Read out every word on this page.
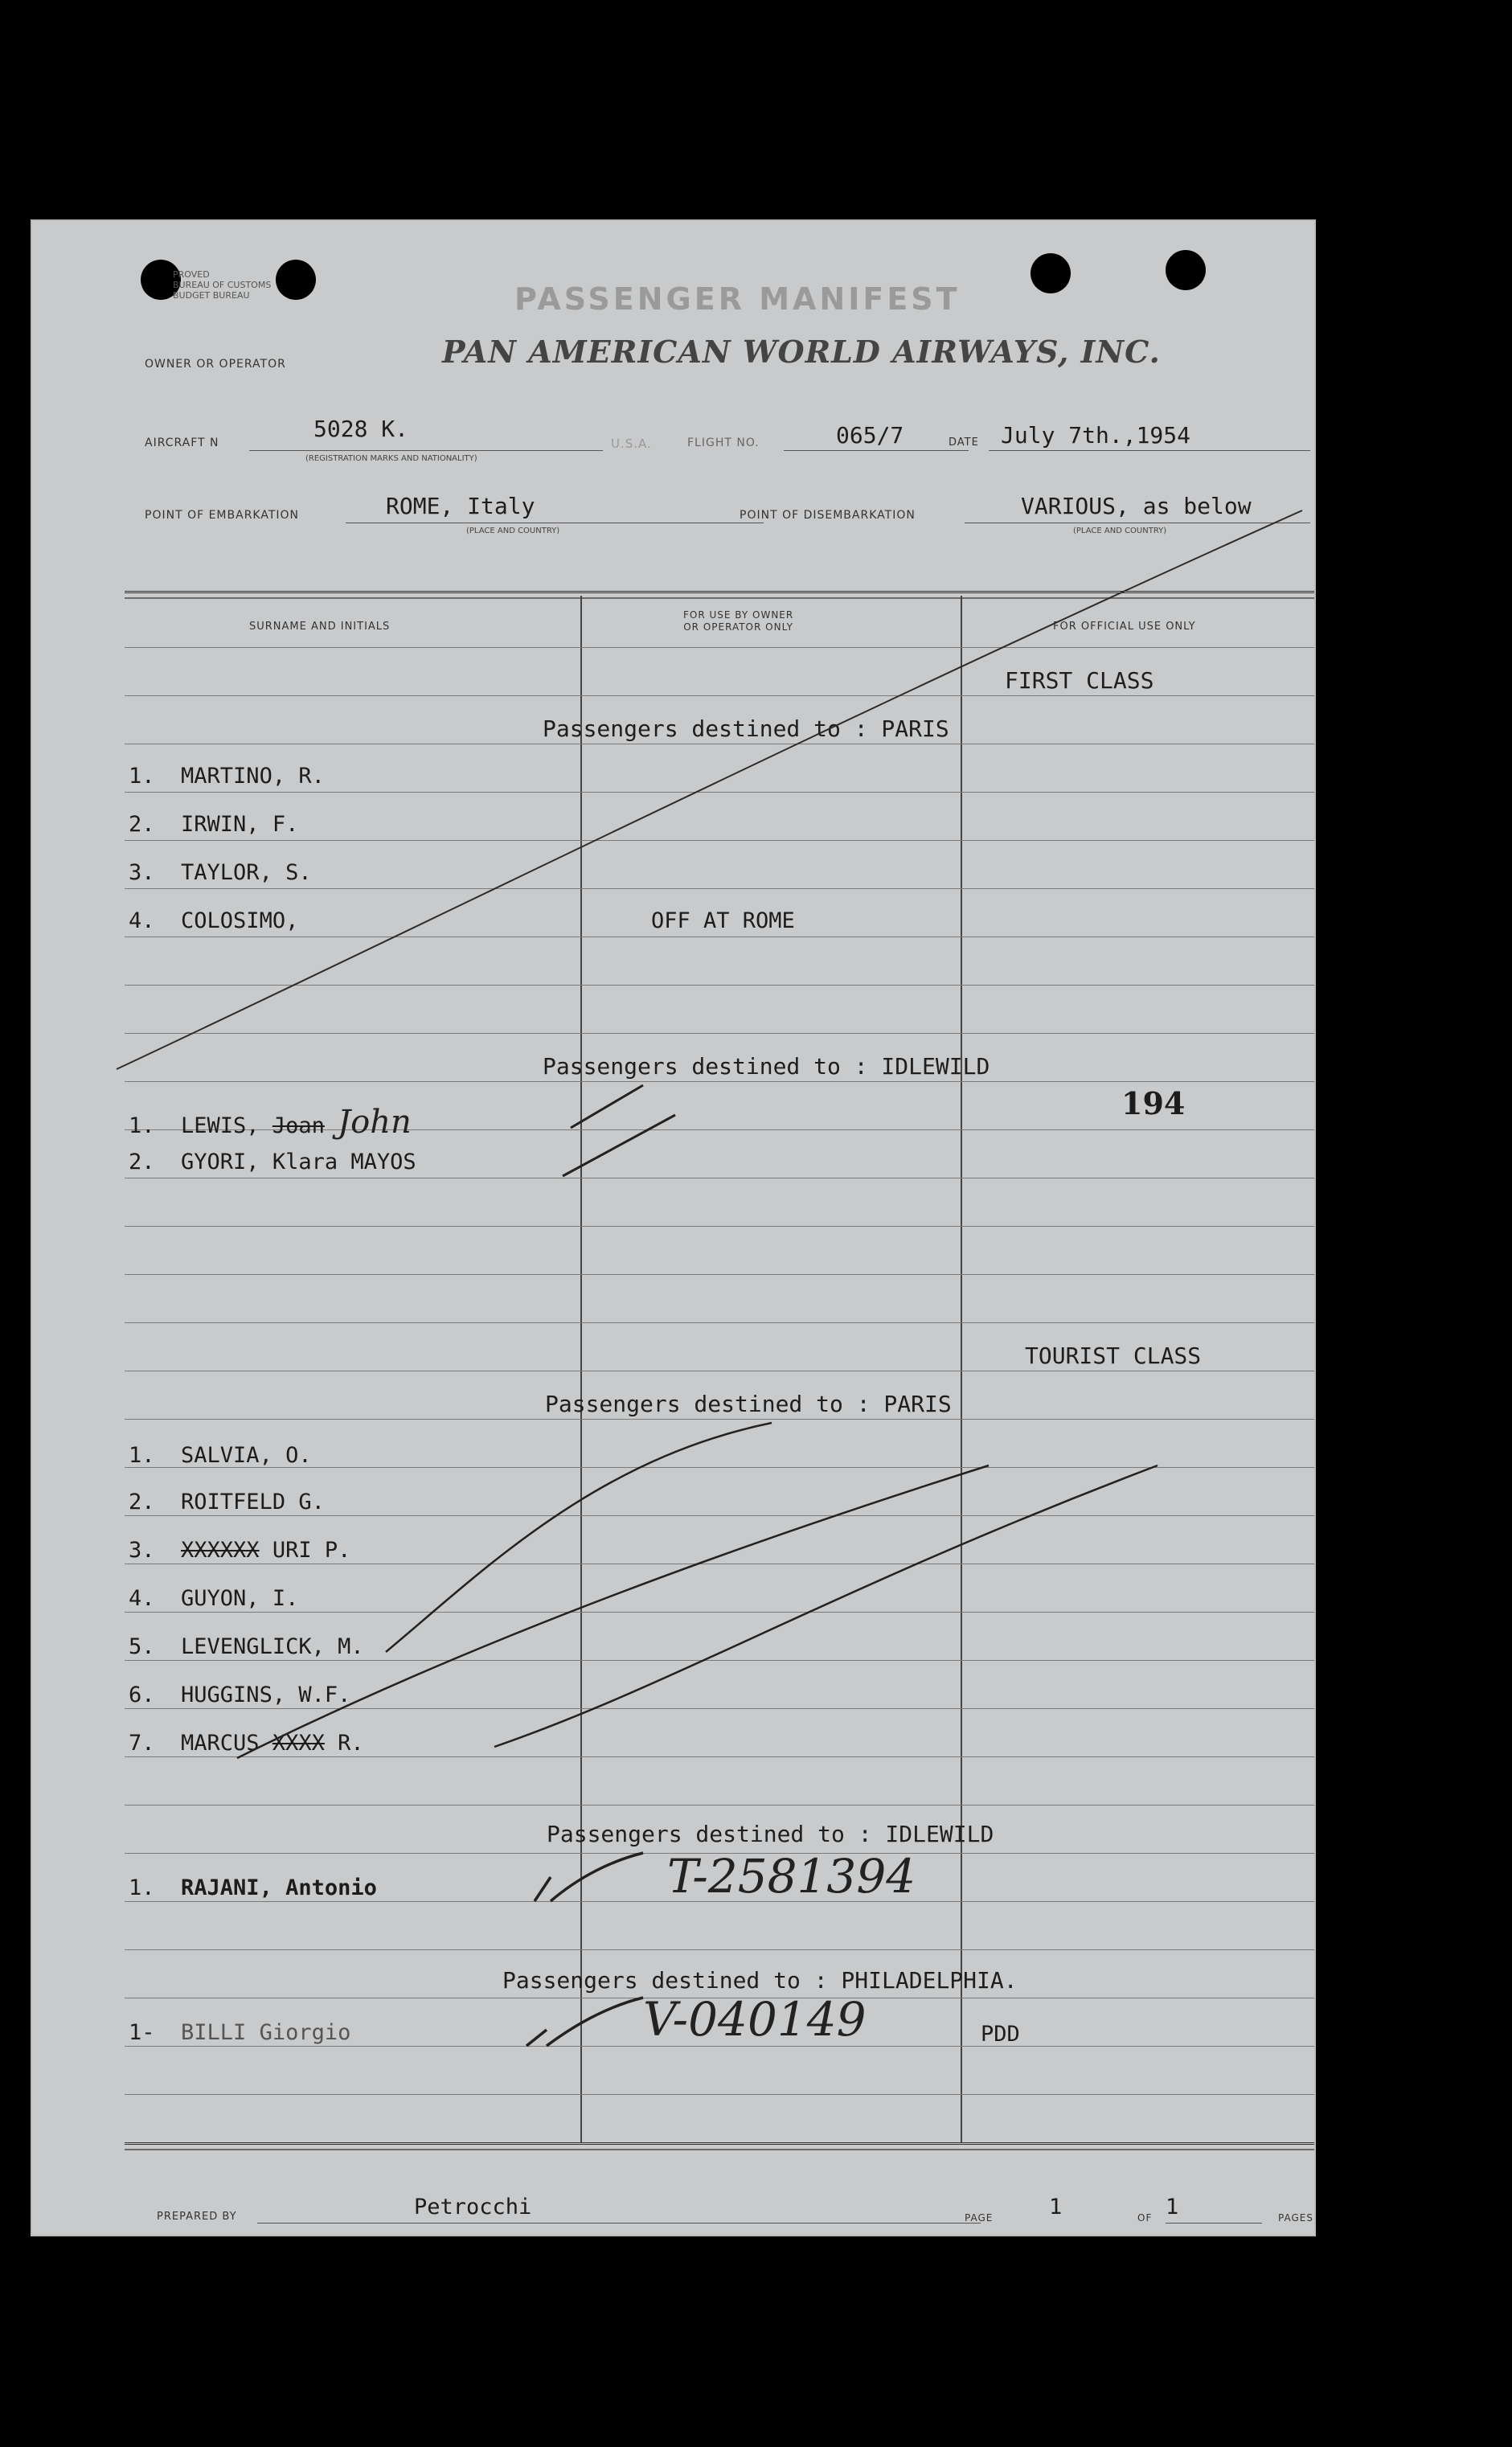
PROVED
BUREAU OF CUSTOMS
BUDGET BUREAU	PASSENGER MANIFEST
OWNER OR OPERATOR	PAN AMERICAN WORLD AIRWAYS, INC.
AIRCRAFT N
5028 K.
(REGISTRATION MARKS AND NATIONALITY)
U.S.A.	FLIGHT NO.	065/7	DATE July 7th.,1954
POINT OF EMBARKATION	ROME, Italy
(PLACE AND COUNTRY)
POINT OF DISEMBARKATION	VARIOUS, as below
(PLACE AND COUNTRY)
SURNAME AND INITIALS
FOR USE BY OWNER
OR OPERATOR ONLY	FOR OFFICIAL USE ONLY
FIRST CLASS
Passengers destined to : PARIS
1. MARTINO, R.
2. IRWIN, F.
3. TAYLOR, S.
4. COLOSIMO,	OFF AT ROME
Passengers destined to : IDLEWILD
1. LEWIS, Joan John
2. GYORI, Klara MAYOS
194
TOURIST CLASS
Passengers destined to : PARIS
1. SALVIA, O.
2. ROITFELD G.
3. XXXXXX URI P.
4. GUYON, I.
5. LEVENGLICK, M.
6. HUGGINS, W.F.
7. MARCUS XXXX R.
Passengers destined to : IDLEWILD
1. RAJANI, Antonio	T-2581394
Passengers destined to : PHILADELPHIA.
1- BILLI Giorgio	V-040149	PDD
PREPARED BY	Petrocchi	PAGE	1	OF 1	PAGES
